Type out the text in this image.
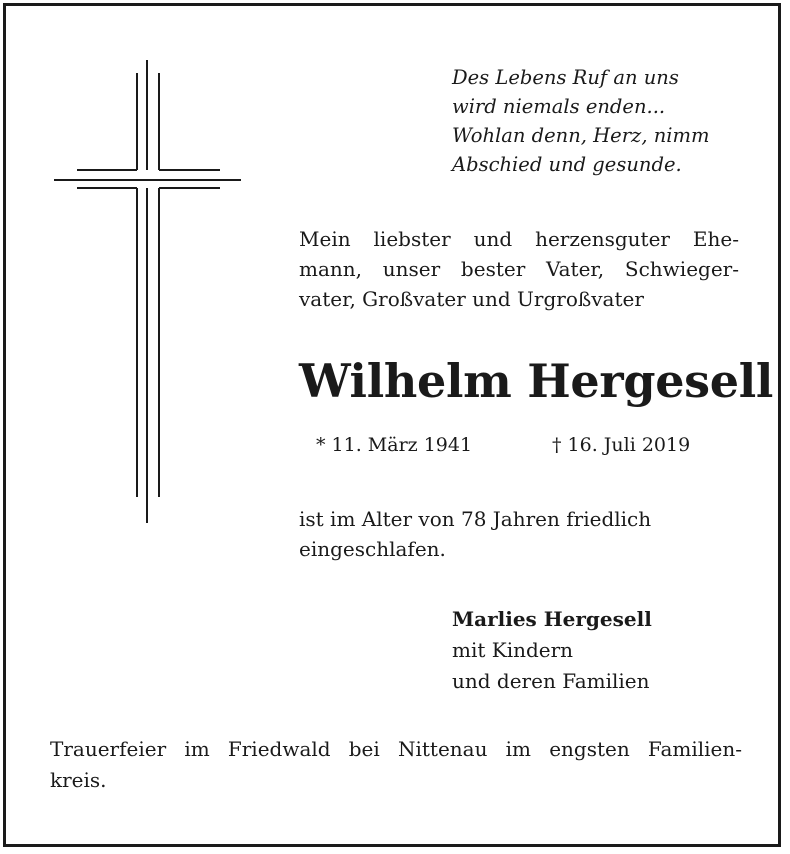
Des Lebens Ruf an uns
wird niemals enden...
Wohlan denn, Herz, nimm
Abschied und gesunde.
Mein liebster und herzensguter Ehe-
mann, unser bester Vater, Schwieger-
vater, Großvater und Urgroßvater
Wilhelm Hergesell
* 11. März 1941	† 16. Juli 2019
ist im Alter von 78 Jahren friedlich
eingeschlafen.
Marlies Hergesell
mit Kindern
und deren Familien
Trauerfeier im Friedwald bei Nittenau im engsten Familien-
kreis.
